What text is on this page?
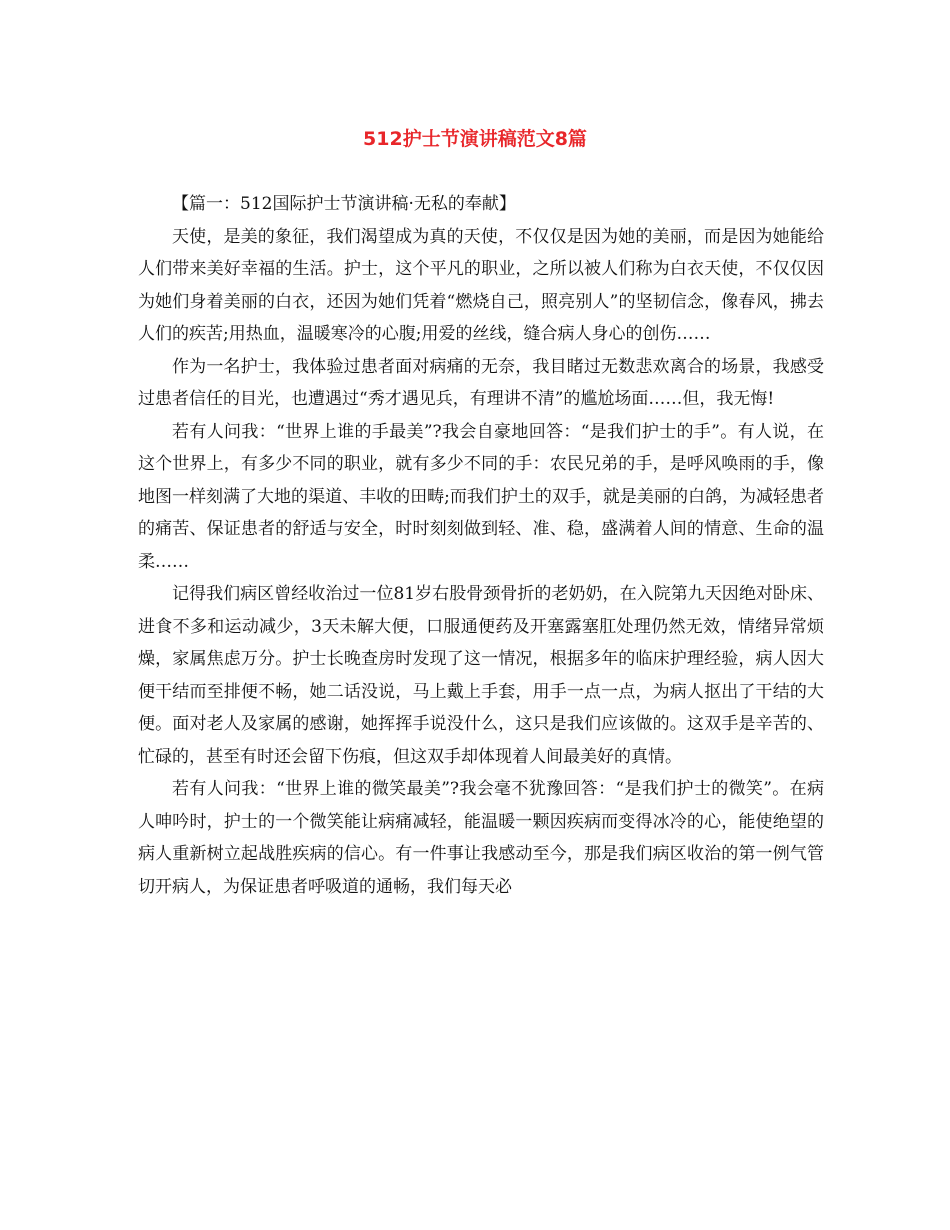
512护士节演讲稿范文8篇

【篇一：512国际护士节演讲稿·无私的奉献】

天使，是美的象征，我们渴望成为真的天使，不仅仅是因为她的美丽，而是因为她能给人们带来美好幸福的生活。护士，这个平凡的职业，之所以被人们称为白衣天使，不仅仅因为她们身着美丽的白衣，还因为她们凭着“燃烧自己，照亮别人”的坚韧信念，像春风，拂去人们的疾苦;用热血，温暖寒冷的心腹;用爱的丝线，缝合病人身心的创伤……

作为一名护士，我体验过患者面对病痛的无奈，我目睹过无数悲欢离合的场景，我感受过患者信任的目光，也遭遇过“秀才遇见兵，有理讲不清”的尴尬场面……但，我无悔!

若有人问我：“世界上谁的手最美”?我会自豪地回答：“是我们护士的手”。有人说，在这个世界上，有多少不同的职业，就有多少不同的手：农民兄弟的手，是呼风唤雨的手，像地图一样刻满了大地的渠道、丰收的田畴;而我们护土的双手，就是美丽的白鸽，为减轻患者的痛苦、保证患者的舒适与安全，时时刻刻做到轻、准、稳，盛满着人间的情意、生命的温柔……

记得我们病区曾经收治过一位81岁右股骨颈骨折的老奶奶，在入院第九天因绝对卧床、进食不多和运动减少，3天未解大便，口服通便药及开塞露塞肛处理仍然无效，情绪异常烦燥，家属焦虑万分。护士长晚查房时发现了这一情况，根据多年的临床护理经验，病人因大便干结而至排便不畅，她二话没说，马上戴上手套，用手一点一点，为病人抠出了干结的大便。面对老人及家属的感谢，她挥挥手说没什么，这只是我们应该做的。这双手是辛苦的、忙碌的，甚至有时还会留下伤痕，但这双手却体现着人间最美好的真情。

若有人问我：“世界上谁的微笑最美”?我会毫不犹豫回答：“是我们护士的微笑”。在病人呻吟时，护士的一个微笑能让病痛减轻，能温暖一颗因疾病而变得冰冷的心，能使绝望的病人重新树立起战胜疾病的信心。有一件事让我感动至今，那是我们病区收治的第一例气管切开病人，为保证患者呼吸道的通畅，我们每天必
